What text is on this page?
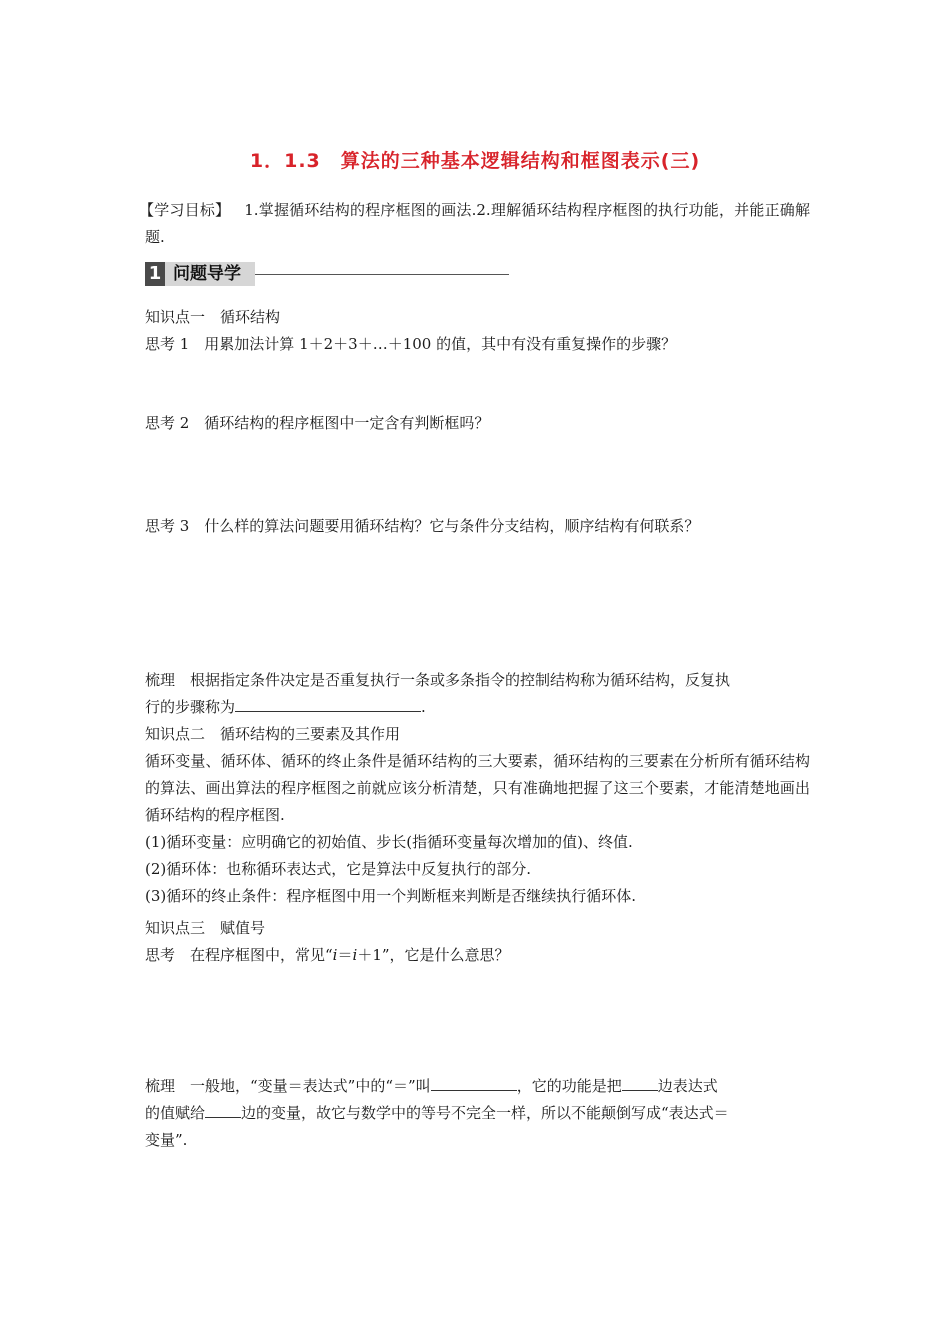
1．1.3　算法的三种基本逻辑结构和框图表示(三)
【学习目标】 1.掌握循环结构的程序框图的画法.2.理解循环结构程序框图的执行功能，并能正确解题.
1 问题导学
知识点一　循环结构
思考 1　用累加法计算 1＋2＋3＋…＋100 的值，其中有没有重复操作的步骤？
思考 2　循环结构的程序框图中一定含有判断框吗？
思考 3　什么样的算法问题要用循环结构？它与条件分支结构，顺序结构有何联系？
梳理　根据指定条件决定是否重复执行一条或多条指令的控制结构称为循环结构，反复执
行的步骤称为	.
知识点二　循环结构的三要素及其作用
循环变量、循环体、循环的终止条件是循环结构的三大要素，循环结构的三要素在分析所有循环结构的算法、画出算法的程序框图之前就应该分析清楚，只有准确地把握了这三个要素，才能清楚地画出循环结构的程序框图.
(1)循环变量：应明确它的初始值、步长(指循环变量每次增加的值)、终值.
(2)循环体：也称循环表达式，它是算法中反复执行的部分.
(3)循环的终止条件：程序框图中用一个判断框来判断是否继续执行循环体.
知识点三　赋值号
思考　在程序框图中，常见“i＝i＋1”，它是什么意思？
梳理　一般地，“变量＝表达式”中的“＝”叫	，它的功能是把 边表达式
的值赋给 边的变量，故它与数学中的等号不完全一样，所以不能颠倒写成“表达式＝
变量”.
